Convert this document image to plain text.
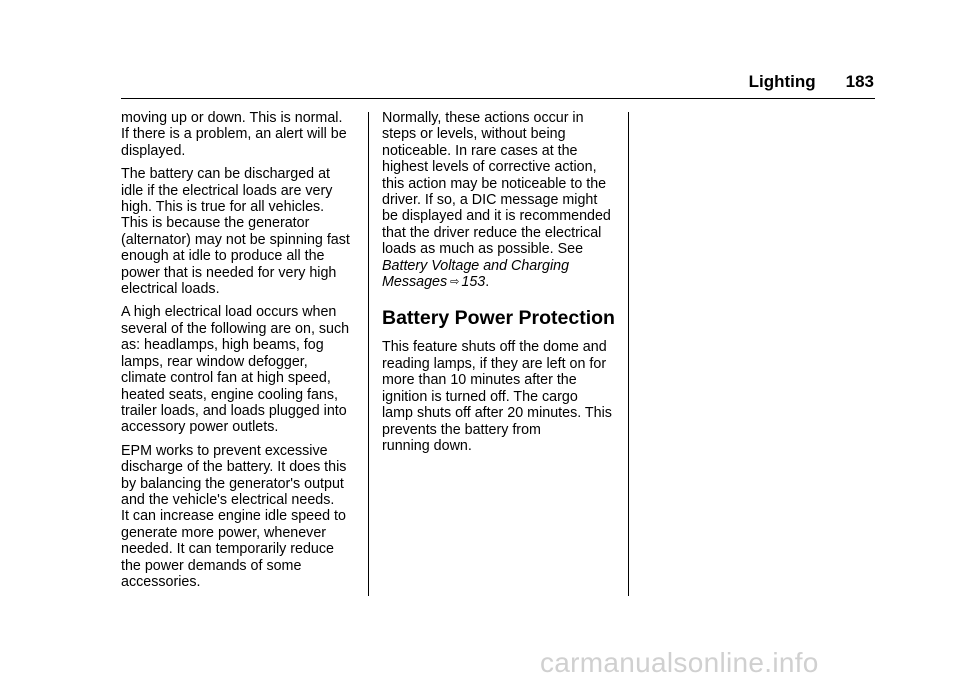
Lighting 183

moving up or down. This is normal.
If there is a problem, an alert will be
displayed.

The battery can be discharged at
idle if the electrical loads are very
high. This is true for all vehicles.
This is because the generator
(alternator) may not be spinning fast
enough at idle to produce all the
power that is needed for very high
electrical loads.

A high electrical load occurs when
several of the following are on, such
as: headlamps, high beams, fog
lamps, rear window defogger,
climate control fan at high speed,
heated seats, engine cooling fans,
trailer loads, and loads plugged into
accessory power outlets.

EPM works to prevent excessive
discharge of the battery. It does this
by balancing the generator's output
and the vehicle's electrical needs.
It can increase engine idle speed to
generate more power, whenever
needed. It can temporarily reduce
the power demands of some
accessories.

Normally, these actions occur in
steps or levels, without being
noticeable. In rare cases at the
highest levels of corrective action,
this action may be noticeable to the
driver. If so, a DIC message might
be displayed and it is recommended
that the driver reduce the electrical
loads as much as possible. See Battery Voltage and Charging
Messages ⇨ 153.

Battery Power Protection

This feature shuts off the dome and
reading lamps, if they are left on for
more than 10 minutes after the
ignition is turned off. The cargo
lamp shuts off after 20 minutes. This
prevents the battery from
running down.

carmanualsonline.info
